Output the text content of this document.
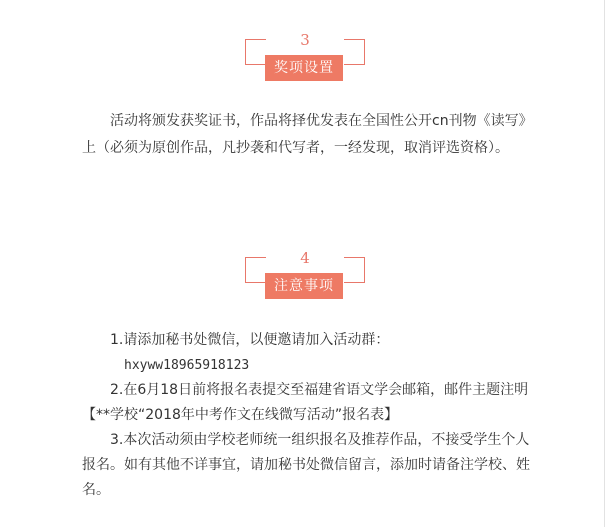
3
奖项设置

活动将颁发获奖证书，作品将择优发表在全国性公开cn刊物《读写》上（必须为原创作品，凡抄袭和代写者，一经发现，取消评选资格）。

4
注意事项
1.请添加秘书处微信，以便邀请加入活动群：
hxyww18965918123
2.在6月18日前将报名表提交至福建省语文学会邮箱，邮件主题注明【**学校“2018年中考作文在线微写活动”报名表】
3.本次活动须由学校老师统一组织报名及推荐作品，不接受学生个人报名。如有其他不详事宜，请加秘书处微信留言，添加时请备注学校、姓名。
